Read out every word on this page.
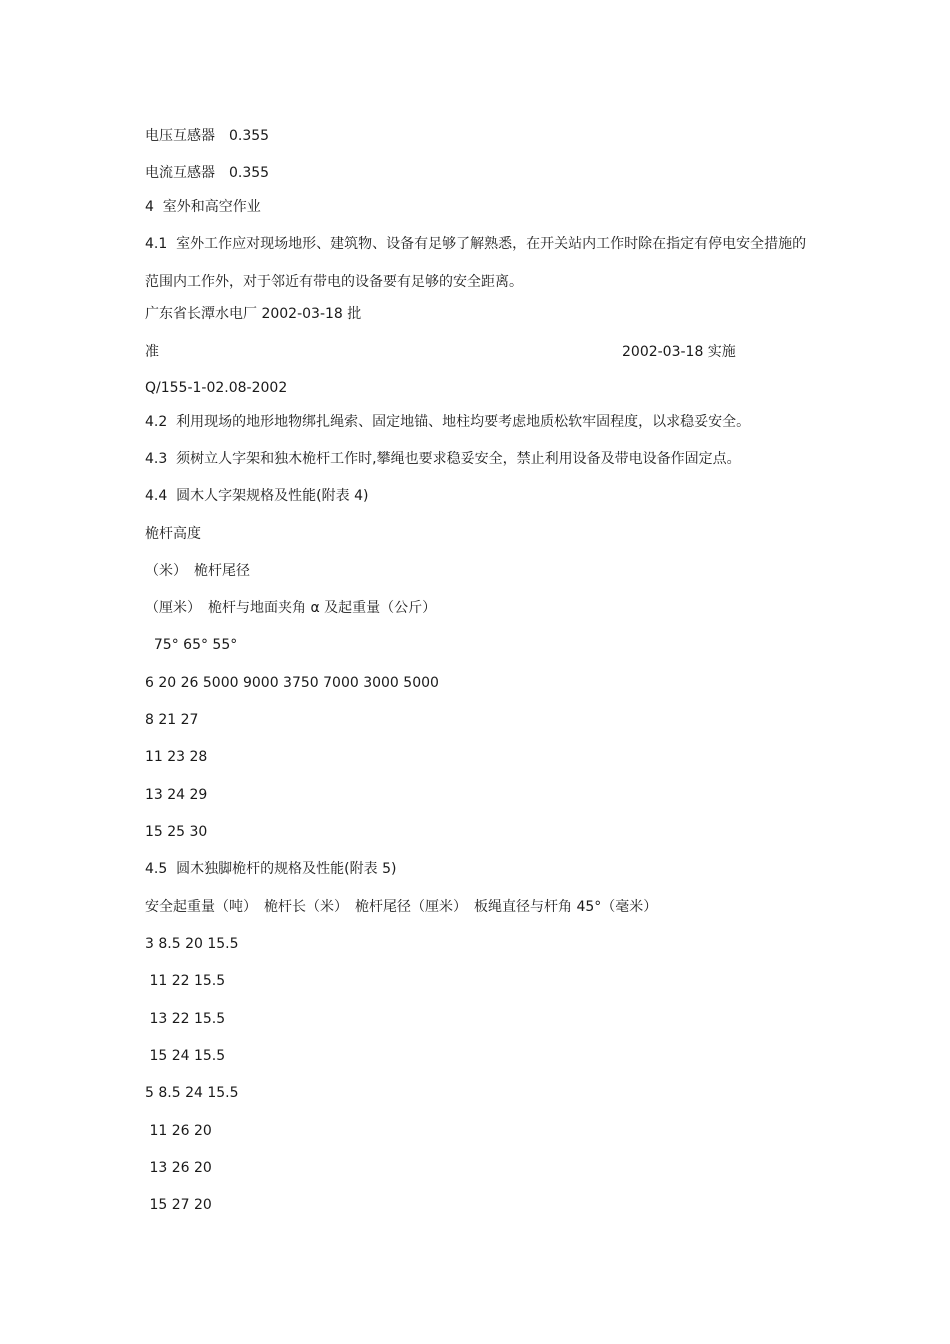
电压互感器　0.355

电流互感器　0.355

4  室外和高空作业

4.1  室外工作应对现场地形、建筑物、设备有足够了解熟悉，在开关站内工作时除在指定有停电安全措施的

范围内工作外，对于邻近有带电的设备要有足够的安全距离。

广东省长潭水电厂 2002-03-18 批

准	2002-03-18 实施

Q/155-1-02.08-2002

4.2  利用现场的地形地物绑扎绳索、固定地锚、地柱均要考虑地质松软牢固程度，以求稳妥安全。

4.3  须树立人字架和独木桅杆工作时,攀绳也要求稳妥安全，禁止利用设备及带电设备作固定点。

4.4  圆木人字架规格及性能(附表 4)

桅杆高度

（米）　桅杆尾径

（厘米）　桅杆与地面夹角 α 及起重量（公斤）

75° 65° 55°

6 20 26 5000 9000 3750 7000 3000 5000

8 21 27

11 23 28

13 24 29

15 25 30

4.5  圆木独脚桅杆的规格及性能(附表 5)

安全起重量（吨）　桅杆长（米）　桅杆尾径（厘米）　板绳直径与杆角 45°（毫米）

3 8.5 20 15.5

11 22 15.5

13 22 15.5

15 24 15.5

5 8.5 24 15.5

11 26 20

13 26 20

15 27 20
